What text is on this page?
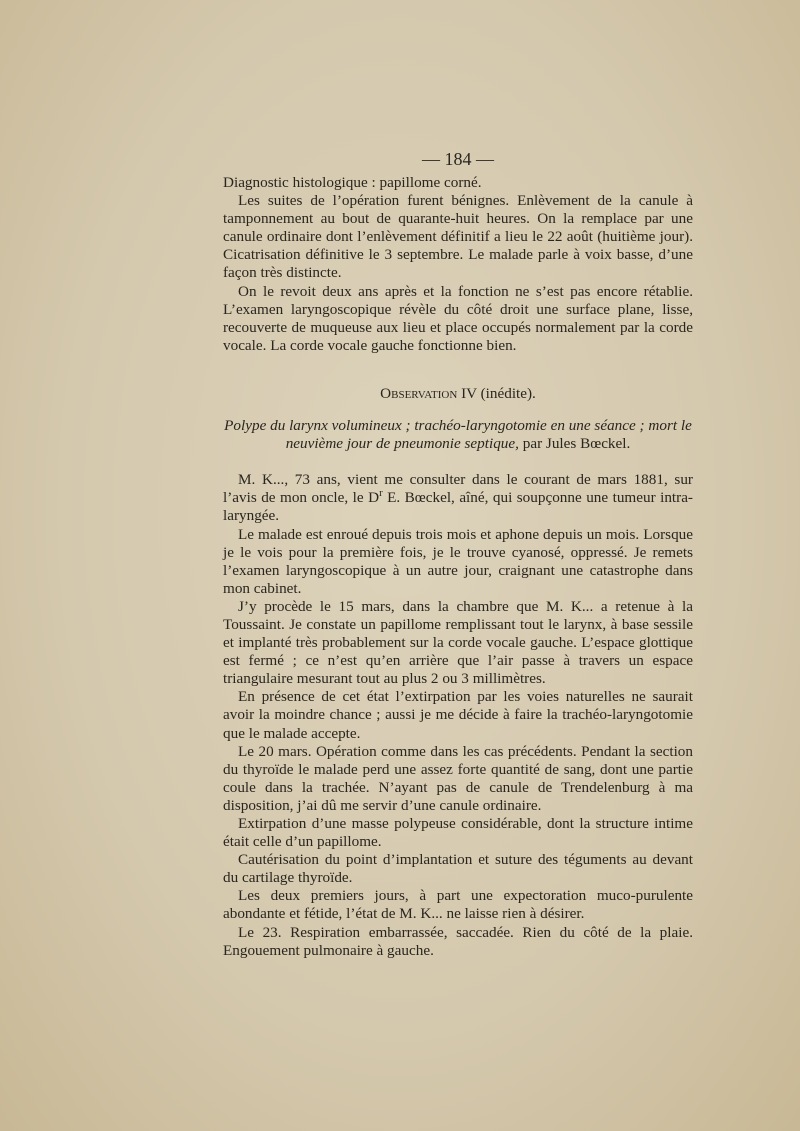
— 184 —

Diagnostic histologique : papillome corné.

Les suites de l’opération furent bénignes. Enlèvement de la canule à tamponnement au bout de quarante-huit heures. On la remplace par une canule ordinaire dont l’enlèvement définitif a lieu le 22 août (huitième jour). Cicatrisation définitive le 3 septembre. Le malade parle à voix basse, d’une façon très distincte.

On le revoit deux ans après et la fonction ne s’est pas encore rétablie. L’examen laryngoscopique révèle du côté droit une surface plane, lisse, recouverte de muqueuse aux lieu et place occupés normalement par la corde vocale. La corde vocale gauche fonctionne bien.

Observation IV (inédite).
Polype du larynx volumineux ; trachéo-laryngotomie en une séance ; mort le neuvième jour de pneumonie septique, par Jules Bœckel.

M. K..., 73 ans, vient me consulter dans le courant de mars 1881, sur l’avis de mon oncle, le $D^r$ E. Bœckel, aîné, qui soupçonne une tumeur intra-laryngée.

Le malade est enroué depuis trois mois et aphone depuis un mois. Lorsque je le vois pour la première fois, je le trouve cyanosé, oppressé. Je remets l’examen laryngoscopique à un autre jour, craignant une catastrophe dans mon cabinet.

J’y procède le 15 mars, dans la chambre que M. K... a retenue à la Toussaint. Je constate un papillome remplissant tout le larynx, à base sessile et implanté très probablement sur la corde vocale gauche. L’espace glottique est fermé ; ce n’est qu’en arrière que l’air passe à travers un espace triangulaire mesurant tout au plus 2 ou 3 millimètres.

En présence de cet état l’extirpation par les voies naturelles ne saurait avoir la moindre chance ; aussi je me décide à faire la trachéo-laryngotomie que le malade accepte.

Le 20 mars. Opération comme dans les cas précédents. Pendant la section du thyroïde le malade perd une assez forte quantité de sang, dont une partie coule dans la trachée. N’ayant pas de canule de Trendelenburg à ma disposition, j’ai dû me servir d’une canule ordinaire.

Extirpation d’une masse polypeuse considérable, dont la structure intime était celle d’un papillome.

Cautérisation du point d’implantation et suture des téguments au devant du cartilage thyroïde.

Les deux premiers jours, à part une expectoration muco-purulente abondante et fétide, l’état de M. K... ne laisse rien à désirer.

Le 23. Respiration embarrassée, saccadée. Rien du côté de la plaie. Engouement pulmonaire à gauche.
